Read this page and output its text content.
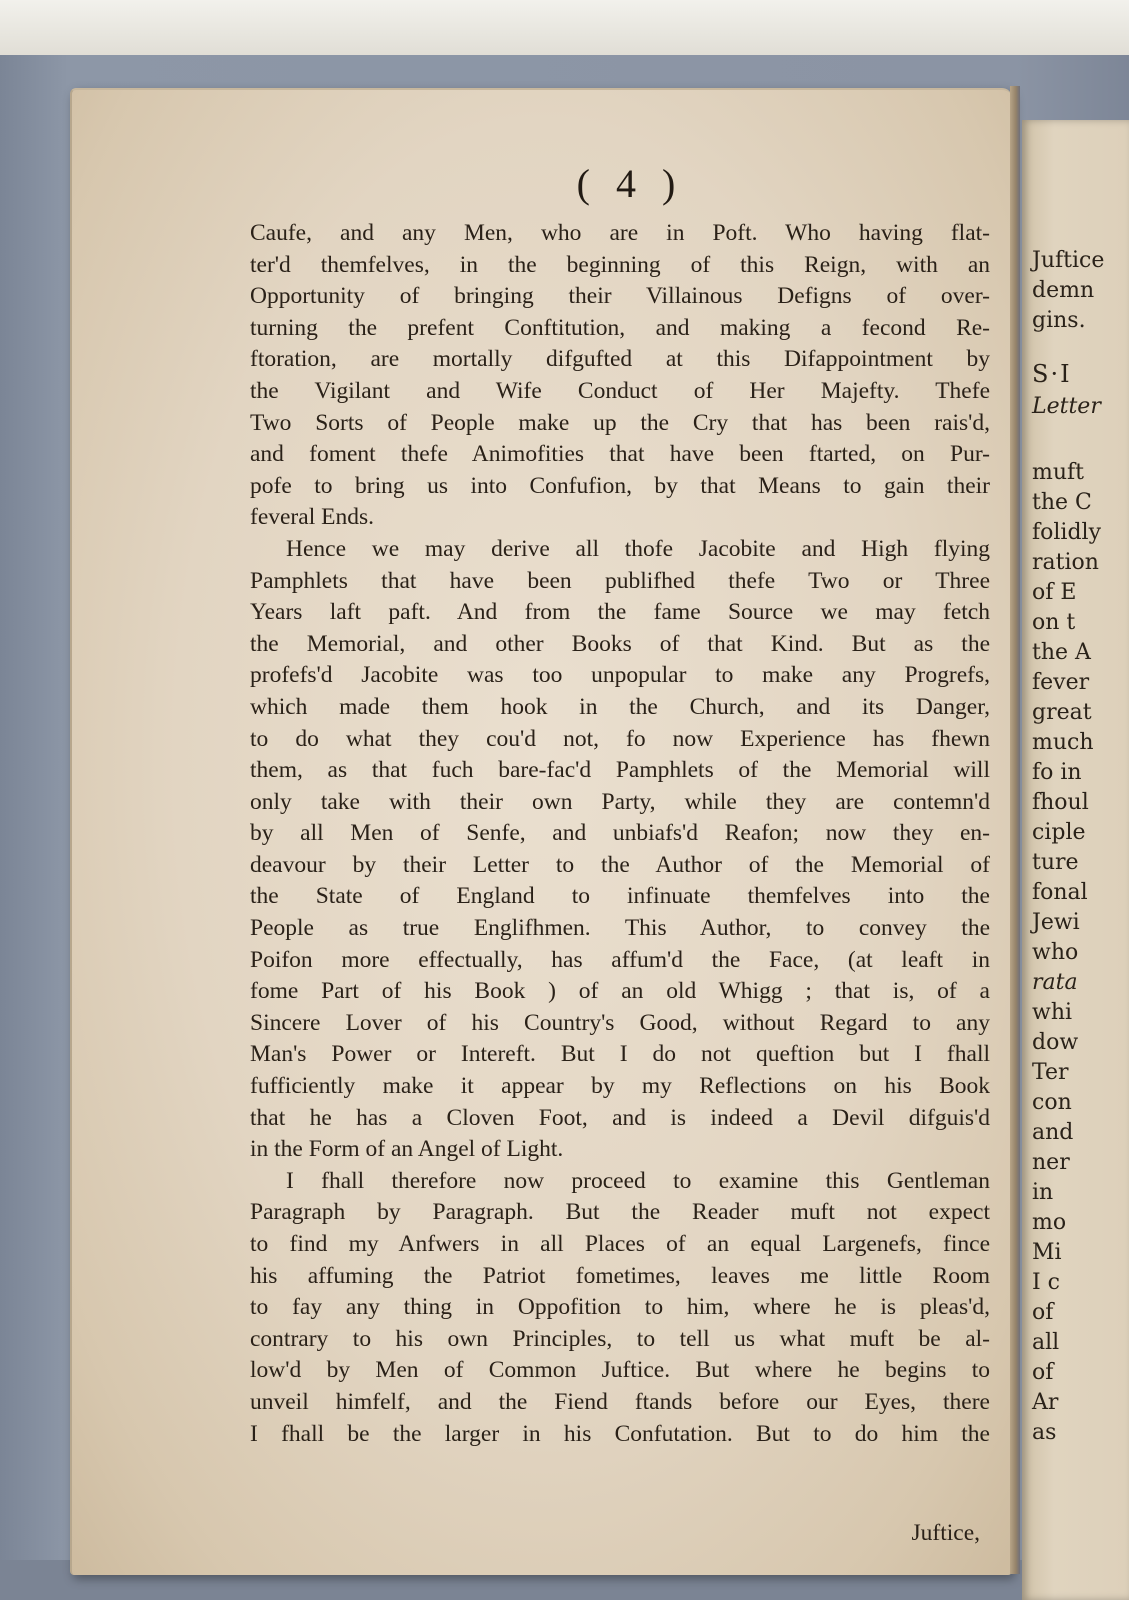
Juftice
demn
gins.
S·I
Letter
muft
the C
folidly
ration
of E
on t
the A
fever
great
much
fo in
fhoul
ciple
ture
fonal
Jewi
who
rata
whi
dow
Ter
con
and
ner
in
mo
Mi
I c
of
all
of
Ar
as
( 4 )
Caufe, and any Men, who are in Poft. Who having flat-
ter'd themfelves, in the beginning of this Reign, with an
Opportunity of bringing their Villainous Defigns of over-
turning the prefent Conftitution, and making a fecond Re-
ftoration, are mortally difgufted at this Difappointment by
the Vigilant and Wife Conduct of Her Majefty. Thefe
Two Sorts of People make up the Cry that has been rais'd,
and foment thefe Animofities that have been ftarted, on Pur-
pofe to bring us into Confufion, by that Means to gain their
feveral Ends.
Hence we may derive all thofe Jacobite and High flying
Pamphlets that have been publifhed thefe Two or Three
Years laft paft. And from the fame Source we may fetch
the Memorial, and other Books of that Kind. But as the
profefs'd Jacobite was too unpopular to make any Progrefs,
which made them hook in the Church, and its Danger,
to do what they cou'd not, fo now Experience has fhewn
them, as that fuch bare-fac'd Pamphlets of the Memorial will
only take with their own Party, while they are contemn'd
by all Men of Senfe, and unbiafs'd Reafon; now they en-
deavour by their Letter to the Author of the Memorial of
the State of England to infinuate themfelves into the
People as true Englifhmen. This Author, to convey the
Poifon more effectually, has affum'd the Face, (at leaft in
fome Part of his Book ) of an old Whigg ; that is, of a
Sincere Lover of his Country's Good, without Regard to any
Man's Power or Intereft. But I do not queftion but I fhall
fufficiently make it appear by my Reflections on his Book
that he has a Cloven Foot, and is indeed a Devil difguis'd
in the Form of an Angel of Light.
I fhall therefore now proceed to examine this Gentleman
Paragraph by Paragraph. But the Reader muft not expect
to find my Anfwers in all Places of an equal Largenefs, fince
his affuming the Patriot fometimes, leaves me little Room
to fay any thing in Oppofition to him, where he is pleas'd,
contrary to his own Principles, to tell us what muft be al-
low'd by Men of Common Juftice. But where he begins to
unveil himfelf, and the Fiend ftands before our Eyes, there
I fhall be the larger in his Confutation. But to do him the
Juftice,
